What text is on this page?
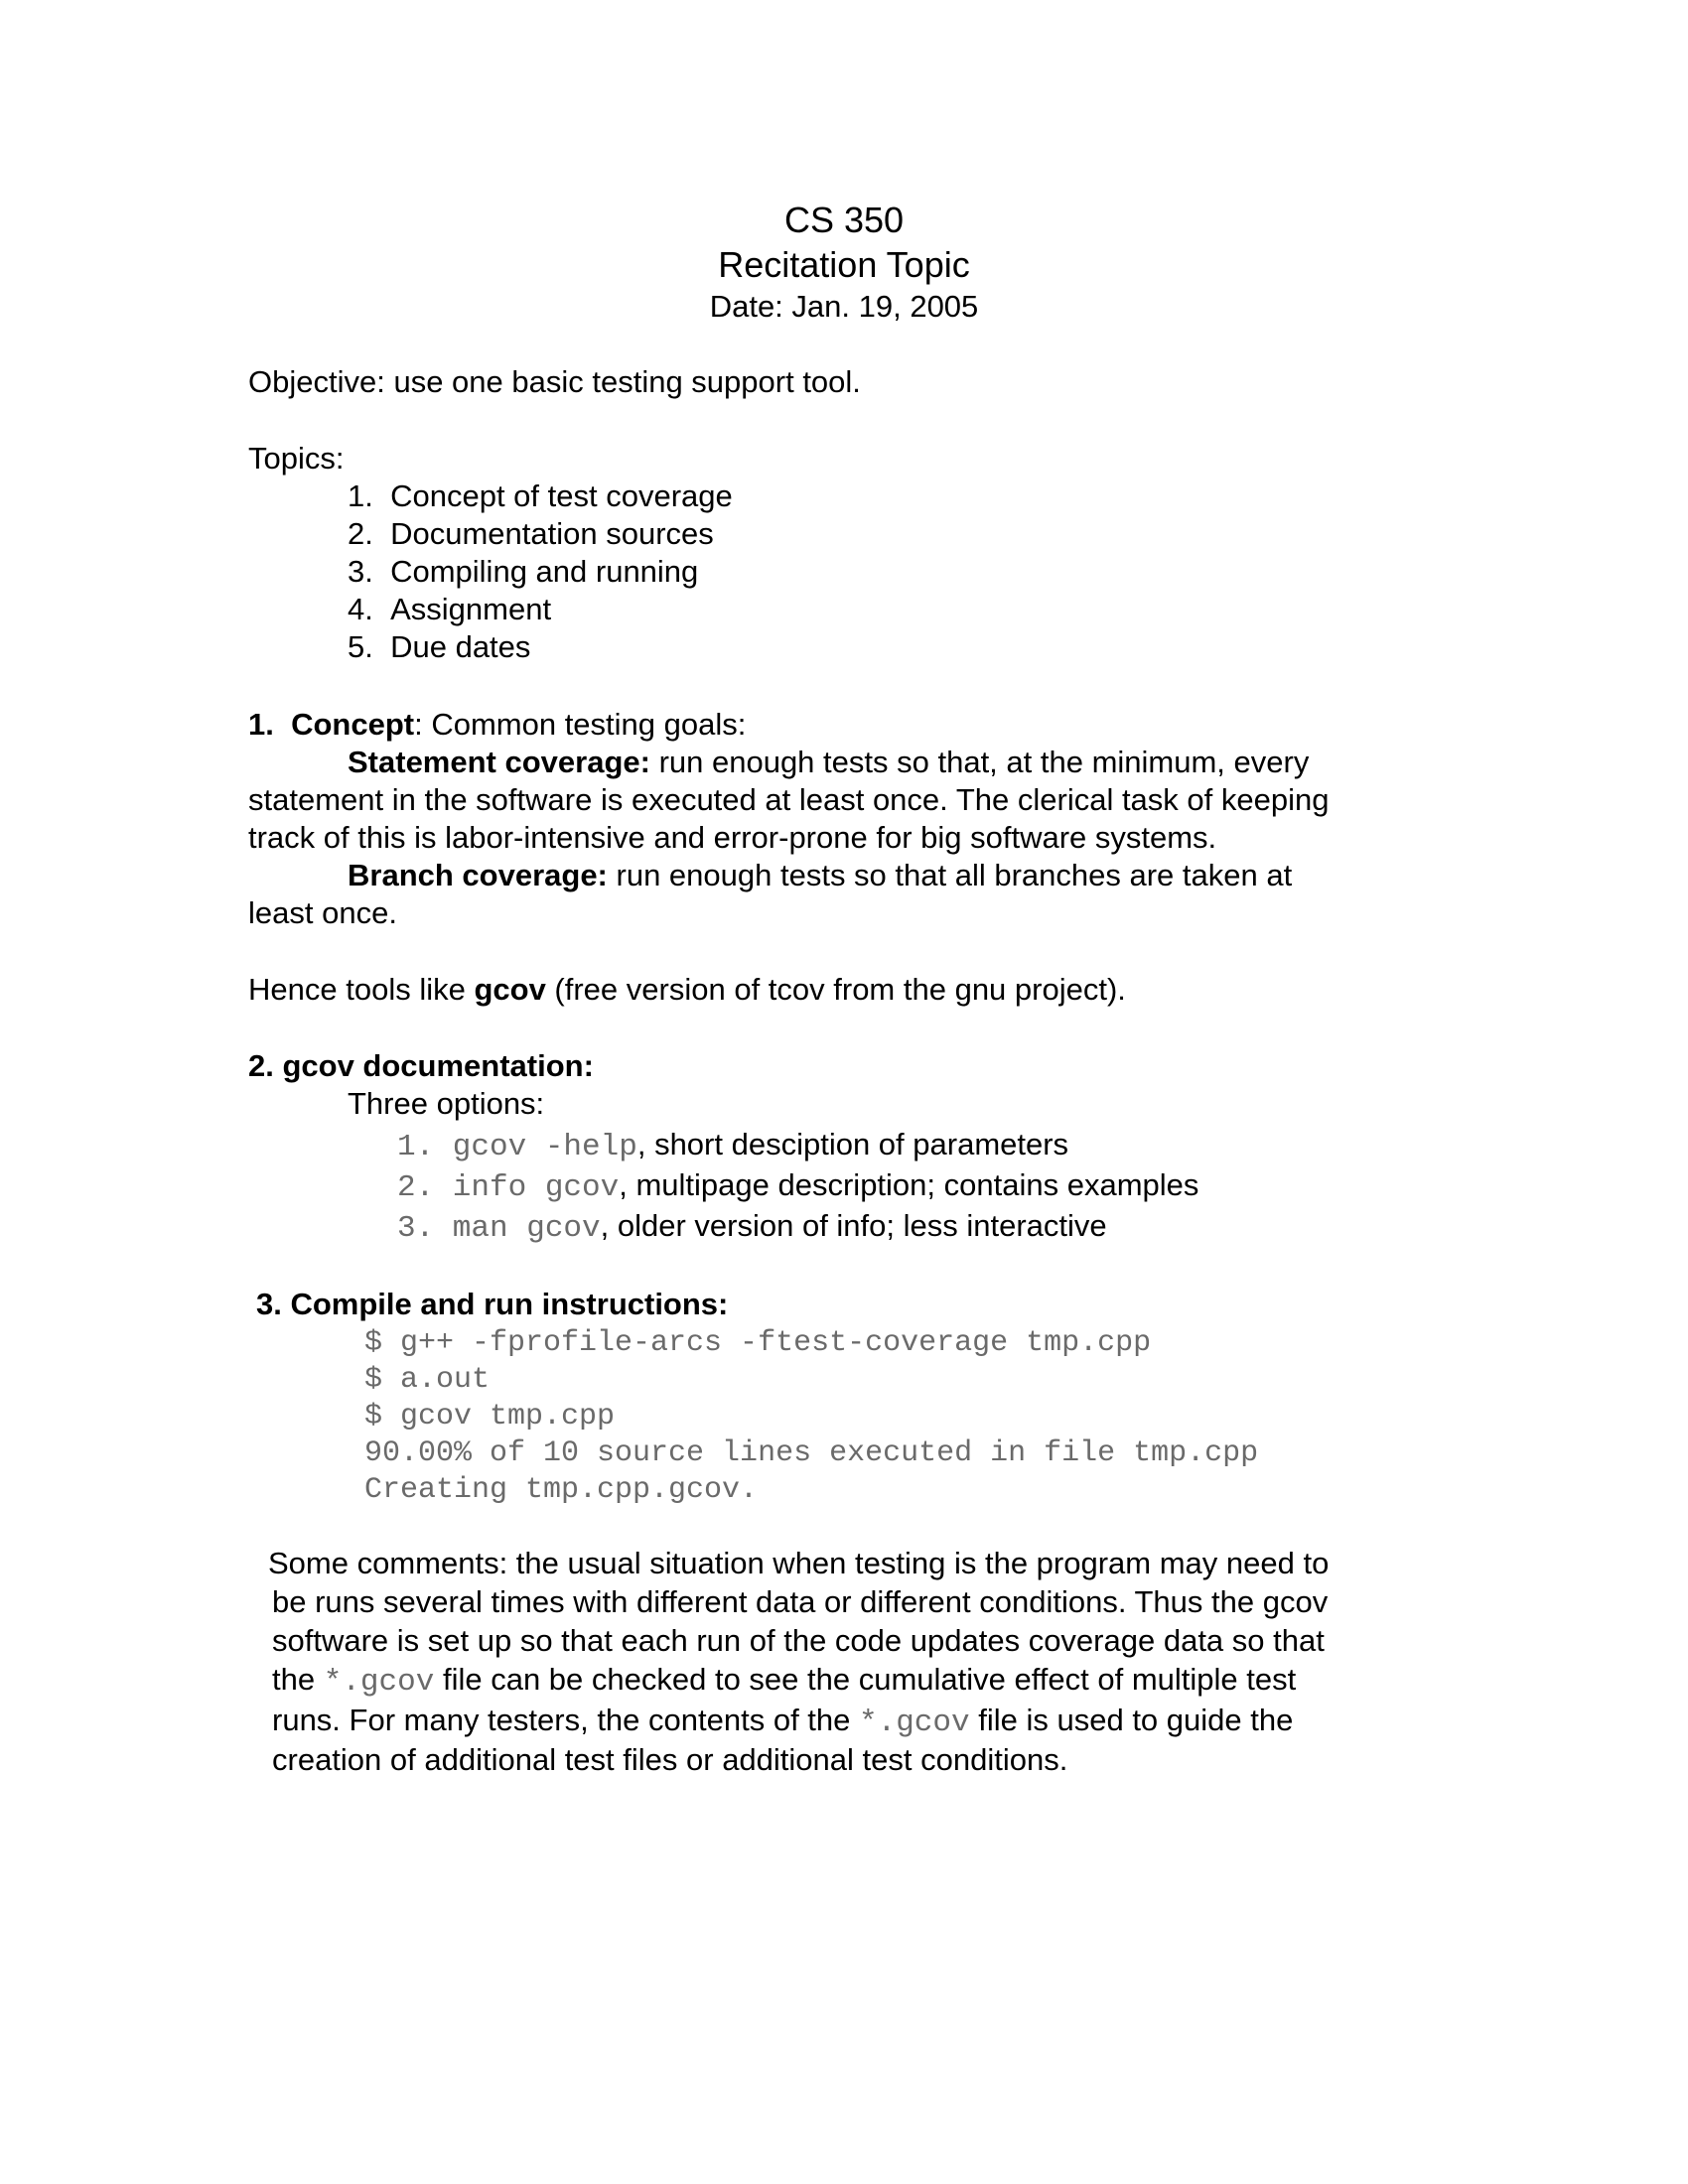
CS 350
Recitation Topic
Date: Jan. 19, 2005
Objective: use one basic testing support tool.
Topics:
1. Concept of test coverage
2. Documentation sources
3. Compiling and running
4. Assignment
5. Due dates
1. Concept: Common testing goals:
Statement coverage: run enough tests so that, at the minimum, every
statement in the software is executed at least once. The clerical task of keeping
track of this is labor-intensive and error-prone for big software systems.
Branch coverage: run enough tests so that all branches are taken at
least once.
Hence tools like gcov (free version of tcov from the gnu project).
2. gcov documentation:
Three options:
1. gcov -help, short desciption of parameters
2. info gcov, multipage description; contains examples
3. man gcov, older version of info; less interactive
3. Compile and run instructions:
$ g++ -fprofile-arcs -ftest-coverage tmp.cpp
$ a.out
$ gcov tmp.cpp
90.00% of 10 source lines executed in file tmp.cpp
Creating tmp.cpp.gcov.
Some comments: the usual situation when testing is the program may need to
be runs several times with different data or different conditions. Thus the gcov
software is set up so that each run of the code updates coverage data so that
the *.gcov file can be checked to see the cumulative effect of multiple test
runs. For many testers, the contents of the *.gcov file is used to guide the
creation of additional test files or additional test conditions.
